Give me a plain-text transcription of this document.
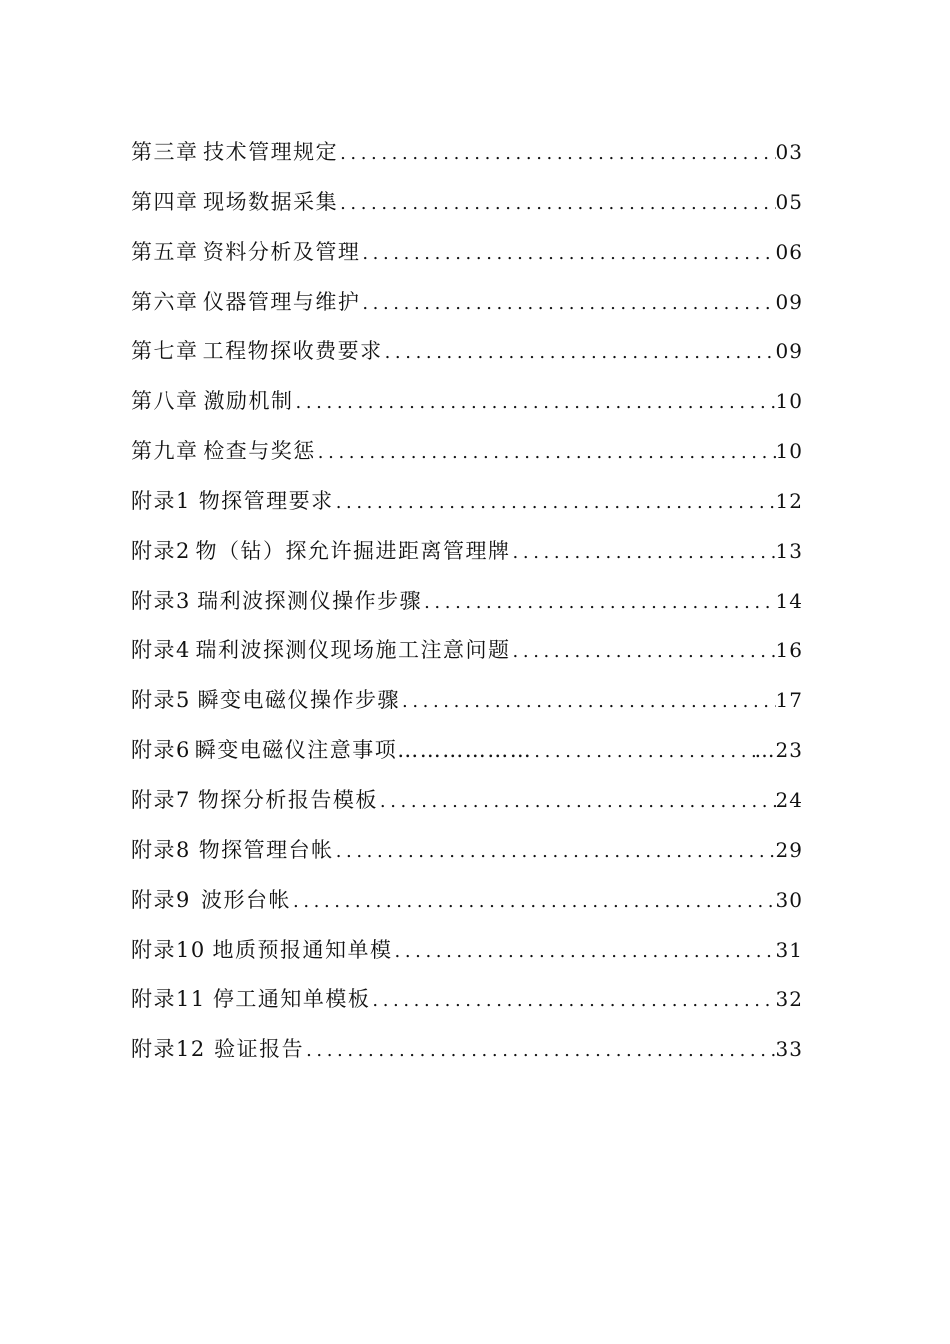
第三章 技术管理规定 .....	03
第四章 现场数据采集 .....	05
第五章 资料分析及管理 .....	06
第六章 仪器管理与维护 .....	09
第七章 工程物探收费要求 .....	09
第八章 激励机制 .....	10
第九章 检查与奖惩 .....	10
附录1 物探管理要求 .....	12
附录2 物（钻）探允许掘进距离管理牌 .....	13
附录3 瑞利波探测仪操作步骤 .....	14
附录4 瑞利波探测仪现场施工注意问题 .....	16
附录5 瞬变电磁仪操作步骤 .....	17
附录6 瞬变电磁仪注意事项……………… .....	…23
附录7 物探分析报告模板 .....	24
附录8 物探管理台帐 .....	29
附录9 波形台帐 .....	30
附录10 地质预报通知单模 .....	31
附录11 停工通知单模板 .....	32
附录12 验证报告 .....	33
